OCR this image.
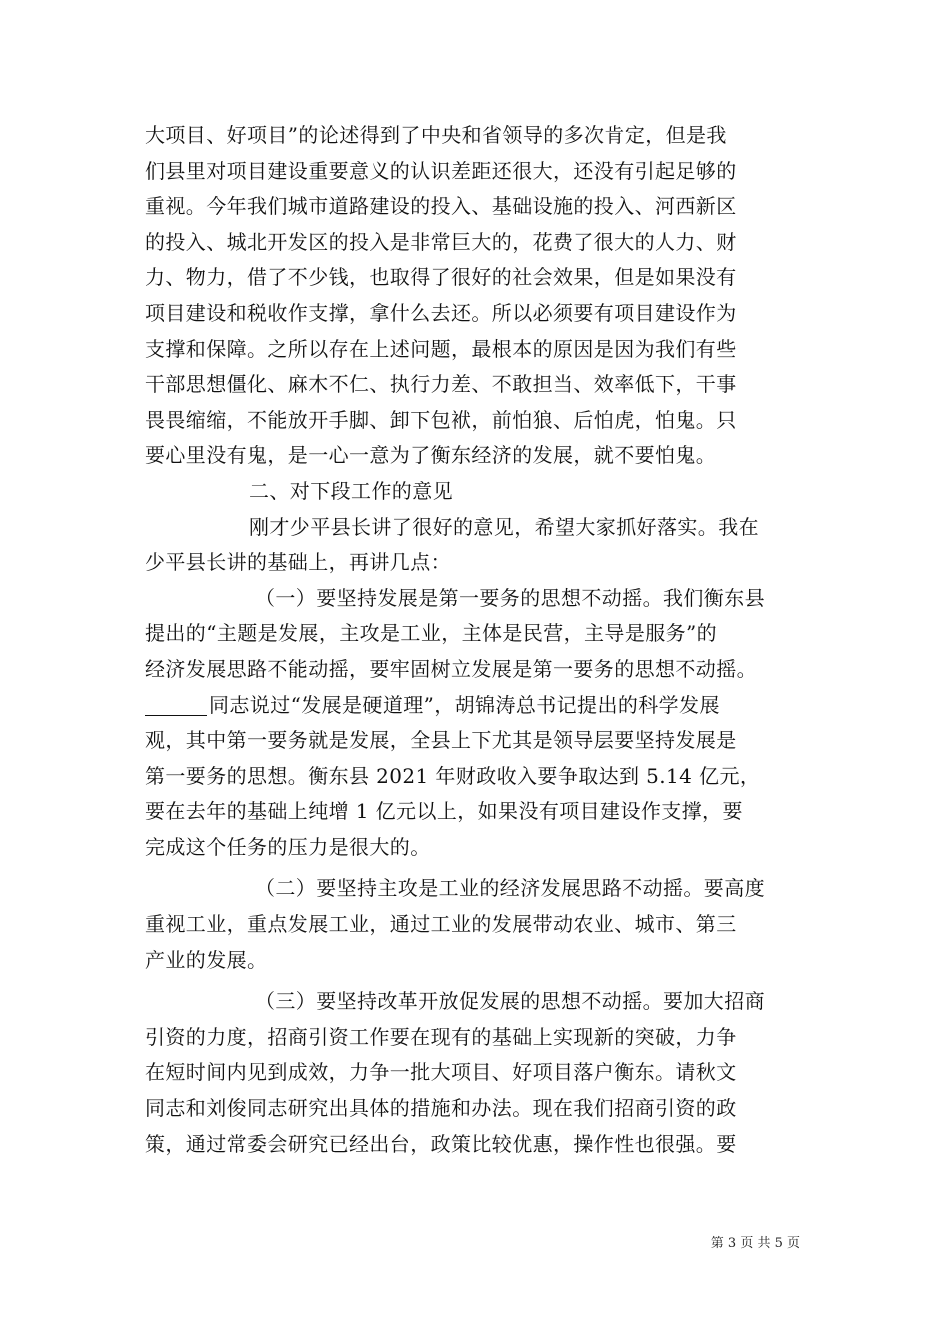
大项目、好项目”的论述得到了中央和省领导的多次肯定，但是我
们县里对项目建设重要意义的认识差距还很大，还没有引起足够的
重视。今年我们城市道路建设的投入、基础设施的投入、河西新区
的投入、城北开发区的投入是非常巨大的，花费了很大的人力、财
力、物力，借了不少钱，也取得了很好的社会效果，但是如果没有
项目建设和税收作支撑，拿什么去还。所以必须要有项目建设作为
支撑和保障。之所以存在上述问题，最根本的原因是因为我们有些
干部思想僵化、麻木不仁、执行力差、不敢担当、效率低下，干事
畏畏缩缩，不能放开手脚、卸下包袱，前怕狼、后怕虎，怕鬼。只
要心里没有鬼，是一心一意为了衡东经济的发展，就不要怕鬼。
二、对下段工作的意见
刚才少平县长讲了很好的意见，希望大家抓好落实。我在
少平县长讲的基础上，再讲几点：
（一）要坚持发展是第一要务的思想不动摇。我们衡东县
提出的“主题是发展，主攻是工业，主体是民营，主导是服务”的
经济发展思路不能动摇，要牢固树立发展是第一要务的思想不动摇。
同志说过“发展是硬道理”，胡锦涛总书记提出的科学发展
观，其中第一要务就是发展，全县上下尤其是领导层要坚持发展是
第一要务的思想。衡东县 2021 年财政收入要争取达到 5.14 亿元，
要在去年的基础上纯增 1 亿元以上，如果没有项目建设作支撑，要
完成这个任务的压力是很大的。
（二）要坚持主攻是工业的经济发展思路不动摇。要高度
重视工业，重点发展工业，通过工业的发展带动农业、城市、第三
产业的发展。
（三）要坚持改革开放促发展的思想不动摇。要加大招商
引资的力度，招商引资工作要在现有的基础上实现新的突破，力争
在短时间内见到成效，力争一批大项目、好项目落户衡东。请秋文
同志和刘俊同志研究出具体的措施和办法。现在我们招商引资的政
策，通过常委会研究已经出台，政策比较优惠，操作性也很强。要
第 3 页 共 5 页
